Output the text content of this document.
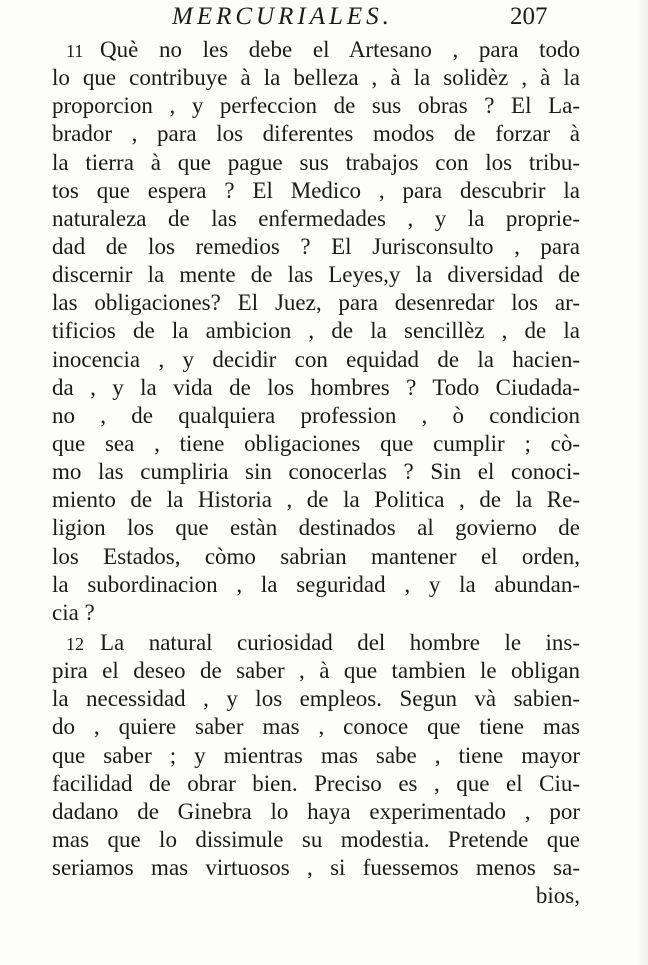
MERCURIALES.	207
11 Què no les debe el Artesano , para todo
lo que contribuye à la belleza , à la solidèz , à la
proporcion , y perfeccion de sus obras ? El La-
brador , para los diferentes modos de forzar à
la tierra à que pague sus trabajos con los tribu-
tos que espera ? El Medico , para descubrir la
naturaleza de las enfermedades , y la proprie-
dad de los remedios ? El Jurisconsulto , para
discernir la mente de las Leyes,y la diversidad de
las obligaciones? El Juez, para desenredar los ar-
tificios de la ambicion , de la sencillèz , de la
inocencia , y decidir con equidad de la hacien-
da , y la vida de los hombres ? Todo Ciudada-
no , de qualquiera profession , ò condicion
que sea , tiene obligaciones que cumplir ; cò-
mo las cumpliria sin conocerlas ? Sin el conoci-
miento de la Historia , de la Politica , de la Re-
ligion los que estàn destinados al govierno de
los Estados, còmo sabrian mantener el orden,
la subordinacion , la seguridad , y la abundan-
cia ?
12 La natural curiosidad del hombre le ins-
pira el deseo de saber , à que tambien le obligan
la necessidad , y los empleos. Segun và sabien-
do , quiere saber mas , conoce que tiene mas
que saber ; y mientras mas sabe , tiene mayor
facilidad de obrar bien. Preciso es , que el Ciu-
dadano de Ginebra lo haya experimentado , por
mas que lo dissimule su modestia. Pretende que
seriamos mas virtuosos , si fuessemos menos sa-
bios,
